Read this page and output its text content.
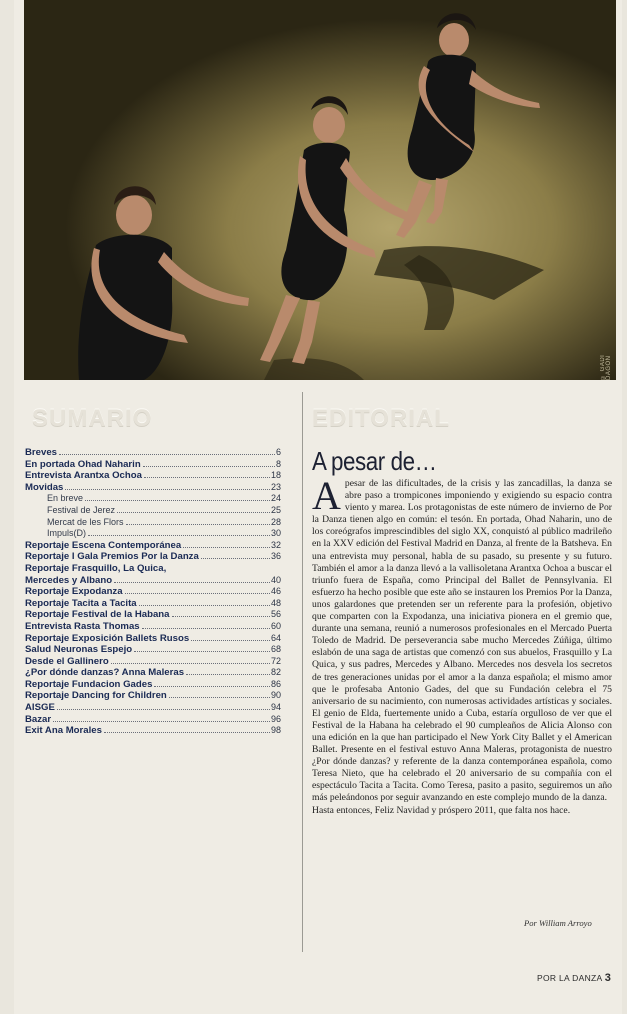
© GADI DAGON
SUMARIO	EDITORIAL
Breves	6
En portada Ohad Naharin	8
Entrevista Arantxa Ochoa	18
Movidas	23
En breve	24
Festival de Jerez	25
Mercat de les Flors	28
Impuls(D)	30
Reportaje Escena Contemporánea	32
Reportaje I Gala Premios Por la Danza	36
Reportaje Frasquillo, La Quica,
Mercedes y Albano	40
Reportaje Expodanza	46
Reportaje Tacita a Tacita	48
Reportaje Festival de la Habana	56
Entrevista Rasta Thomas	60
Reportaje Exposición Ballets Rusos	64
Salud Neuronas Espejo	68
Desde el Gallinero	72
¿Por dónde danzas? Anna Maleras	82
Reportaje Fundacion Gades	86
Reportaje Dancing for Children	90
AISGE	94
Bazar	96
Exit Ana Morales	98
A pesar de…

Apesar de las dificultades, de la crisis y las zancadillas, la danza se abre paso a trompicones imponiendo y exigiendo su espacio contra viento y marea. Los protagonistas de este número de invierno de Por la Danza tienen algo en común: el tesón. En portada, Ohad Naharin, uno de los coreógrafos imprescindibles del siglo XX, conquistó al público madrileño en la XXV edición del Festival Madrid en Danza, al frente de la Batsheva. En una entrevista muy personal, habla de su pasado, su presente y su futuro. También el amor a la danza llevó a la vallisoletana Arantxa Ochoa a buscar el triunfo fuera de España, como Principal del Ballet de Pennsylvania. El esfuerzo ha hecho posible que este año se instauren los Premios Por la Danza, unos galardones que pretenden ser un referente para la profesión, objetivo que comparten con la Expodanza, una iniciativa pionera en el gremio que, durante una semana, reunió a numerosos profesionales en el Mercado Puerta Toledo de Madrid. De perseverancia sabe mucho Mercedes Zúñiga, último eslabón de una saga de artistas que comenzó con sus abuelos, Frasquillo y La Quica, y sus padres, Mercedes y Albano. Mercedes nos desvela los secretos de tres generaciones unidas por el amor a la danza española; el mismo amor que le profesaba Antonio Gades, del que su Fundación celebra el 75 aniversario de su nacimiento, con numerosas actividades artísticas y sociales. El genio de Elda, fuertemente unido a Cuba, estaría orgulloso de ver que el Festival de la Habana ha celebrado el 90 cumpleaños de Alicia Alonso con una edición en la que han participado el New York City Ballet y el American Ballet. Presente en el festival estuvo Anna Maleras, protagonista de nuestro ¿Por dónde danzas? y referente de la danza contemporánea española, como Teresa Nieto, que ha celebrado el 20 aniversario de su compañía con el espectáculo Tacita a Tacita. Como Teresa, pasito a pasito, seguiremos un año más peleándonos por seguir avanzando en este complejo mundo de la danza.

Hasta entonces, Feliz Navidad y próspero 2011, que falta nos hace.

Por William Arroyo
POR LA DANZA 3
